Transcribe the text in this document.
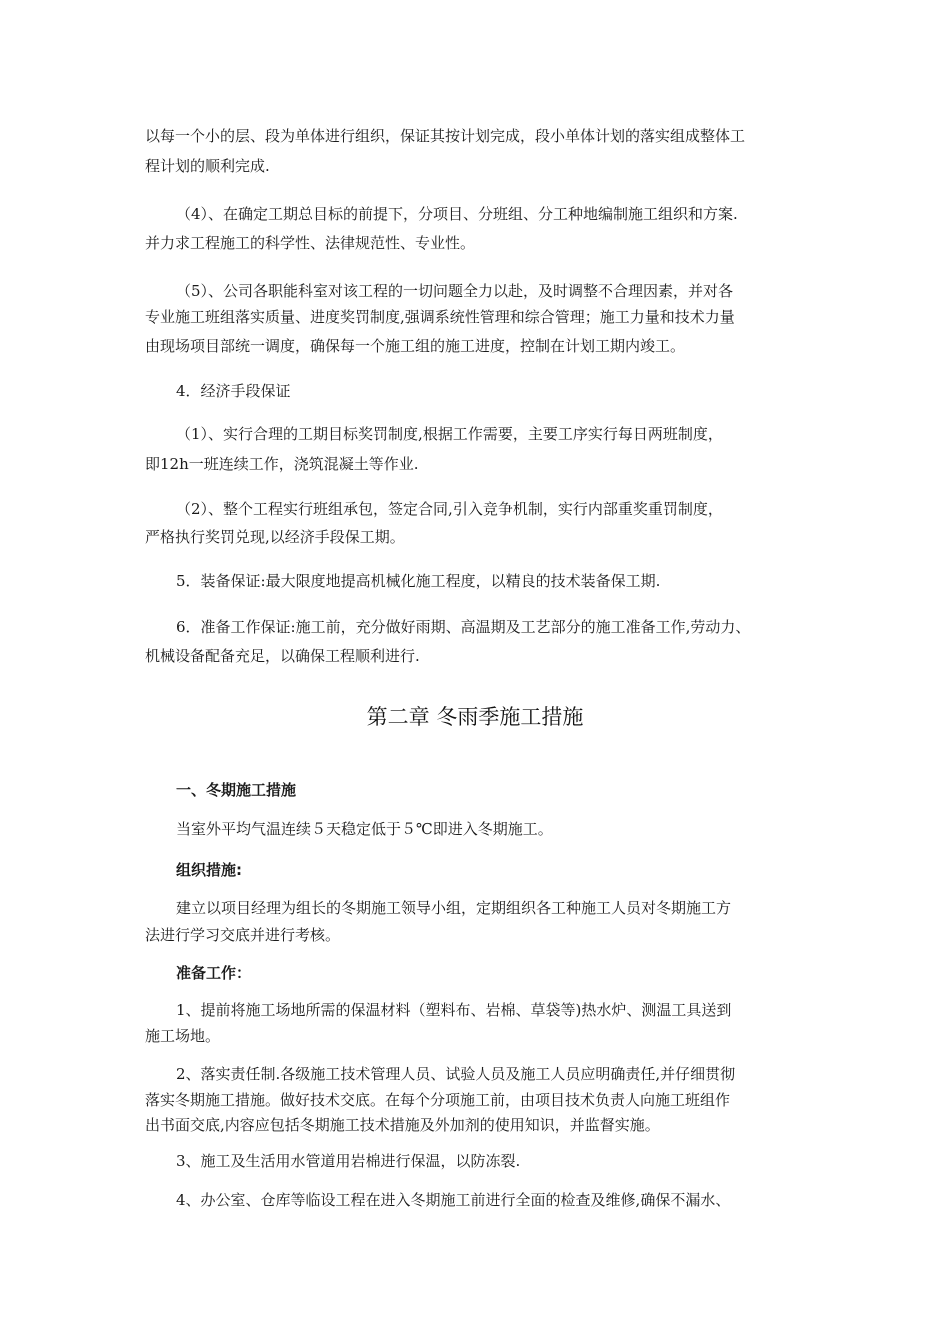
以每一个小的层、段为单体进行组织，保证其按计划完成，段小单体计划的落实组成整体工
程计划的顺利完成.
（4）、在确定工期总目标的前提下，分项目、分班组、分工种地编制施工组织和方案.
并力求工程施工的科学性、法律规范性、专业性。
（5）、公司各职能科室对该工程的一切问题全力以赴，及时调整不合理因素，并对各
专业施工班组落实质量、进度奖罚制度,强调系统性管理和综合管理；施工力量和技术力量
由现场项目部统一调度，确保每一个施工组的施工进度，控制在计划工期内竣工。
4．经济手段保证
（1）、实行合理的工期目标奖罚制度,根据工作需要，主要工序实行每日两班制度，
即12h一班连续工作，浇筑混凝土等作业.
（2）、整个工程实行班组承包，签定合同,引入竞争机制，实行内部重奖重罚制度，
严格执行奖罚兑现,以经济手段保工期。
5．装备保证:最大限度地提高机械化施工程度，以精良的技术装备保工期.
6．准备工作保证:施工前，充分做好雨期、高温期及工艺部分的施工准备工作,劳动力、
机械设备配备充足，以确保工程顺利进行.
第二章 冬雨季施工措施
一、冬期施工措施
当室外平均气温连续５天稳定低于５℃即进入冬期施工。
组织措施:
建立以项目经理为组长的冬期施工领导小组，定期组织各工种施工人员对冬期施工方
法进行学习交底并进行考核。
准备工作：
1、提前将施工场地所需的保温材料（塑料布、岩棉、草袋等)热水炉、测温工具送到
施工场地。
2、落实责任制.各级施工技术管理人员、试验人员及施工人员应明确责任,并仔细贯彻
落实冬期施工措施。做好技术交底。在每个分项施工前，由项目技术负责人向施工班组作
出书面交底,内容应包括冬期施工技术措施及外加剂的使用知识，并监督实施。
3、施工及生活用水管道用岩棉进行保温，以防冻裂.
4、办公室、仓库等临设工程在进入冬期施工前进行全面的检查及维修,确保不漏水、
